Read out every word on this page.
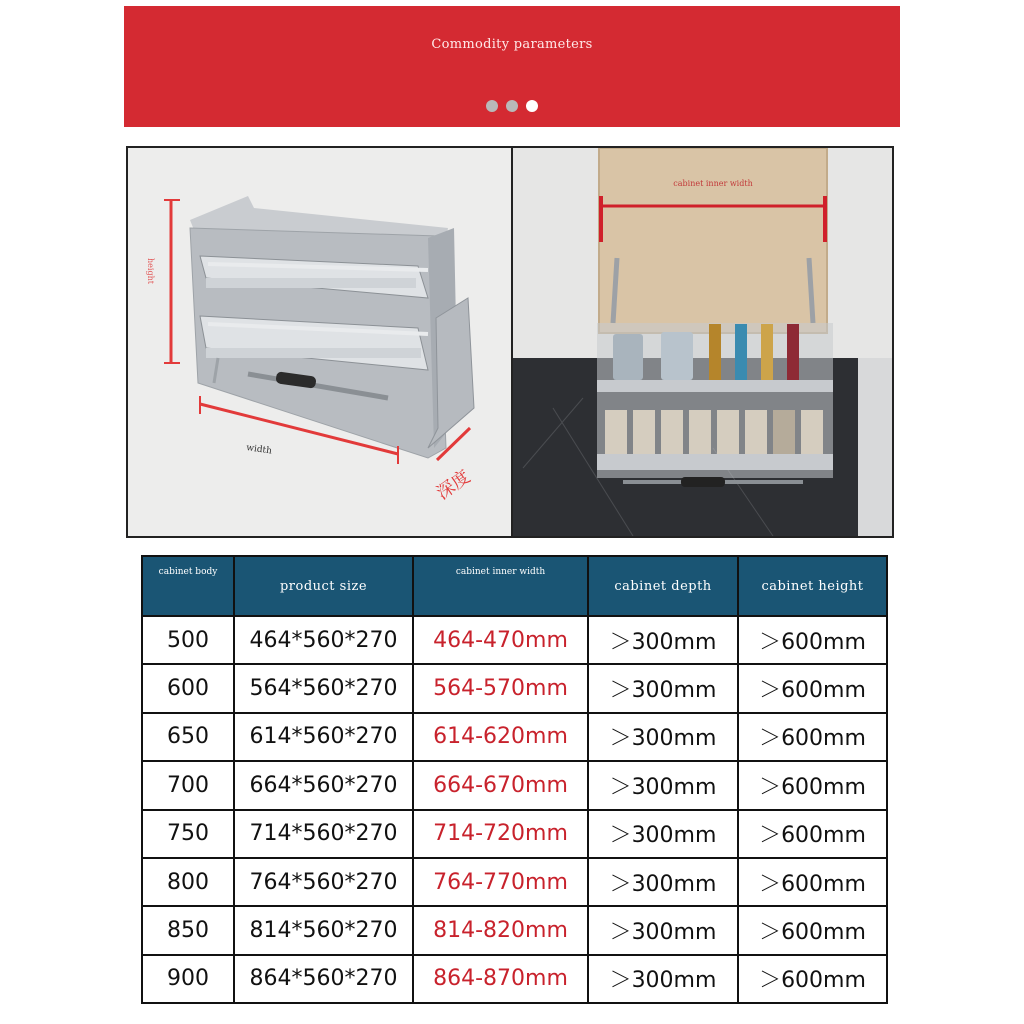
Commodity parameters

height
width
深度
cabinet inner width
cabinet body	product size	cabinet inner width	cabinet depth	cabinet height
500	464*560*270	464-470mm	＞300mm	＞600mm
600	564*560*270	564-570mm	＞300mm	＞600mm
650	614*560*270	614-620mm	＞300mm	＞600mm
700	664*560*270	664-670mm	＞300mm	＞600mm
750	714*560*270	714-720mm	＞300mm	＞600mm
800	764*560*270	764-770mm	＞300mm	＞600mm
850	814*560*270	814-820mm	＞300mm	＞600mm
900	864*560*270	864-870mm	＞300mm	＞600mm
